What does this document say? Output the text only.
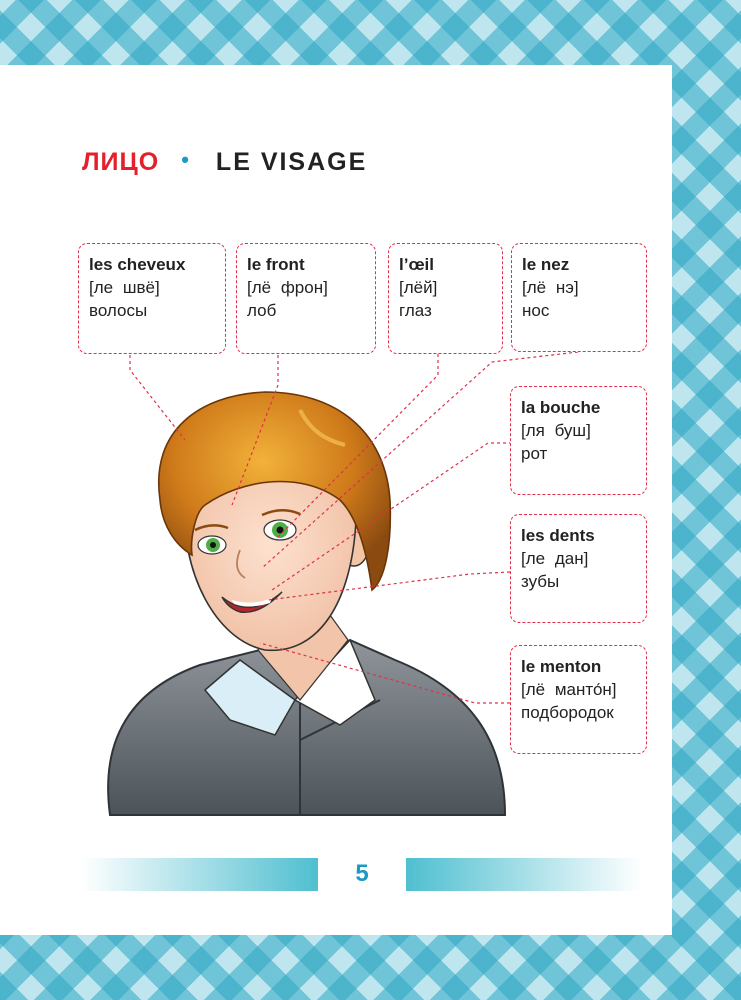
ЛИЦО • LE VISAGE
les cheveux
[ле швё]
волосы
le front
[лё фрон]
лоб
l’œil
[лёй]
глаз
le nez
[лё нэ]
нос
la bouche
[ля буш]
рот
les dents
[ле дан]
зубы
le menton
[лё манто́н]
подбородок
5
